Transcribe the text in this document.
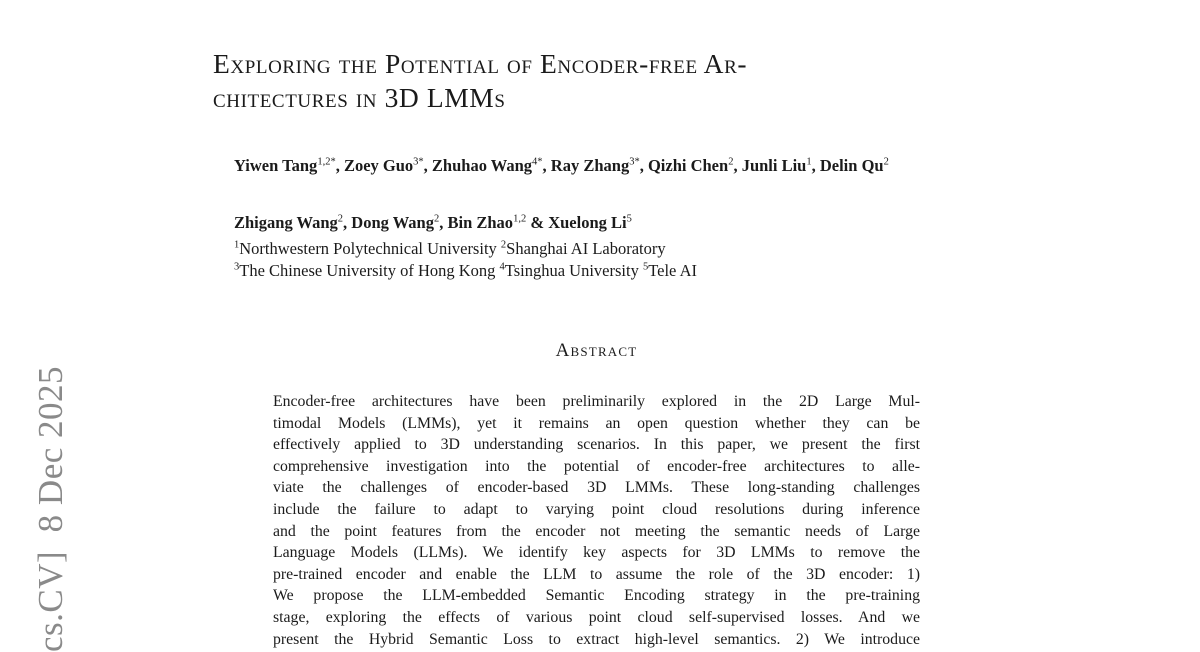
cs.CV]  8 Dec 2025
Exploring the Potential of Encoder-free Ar-
chitectures in 3D LMMs
Yiwen Tang$^{1,2*}$, Zoey Guo$^{3*}$, Zhuhao Wang$^{4*}$, Ray Zhang$^{3*}$, Qizhi Chen$^2$, Junli Liu$^1$, Delin Qu$^2$
Zhigang Wang$^2$, Dong Wang$^2$, Bin Zhao$^{1,2}$ & Xuelong Li$^5$
$^1$Northwestern Polytechnical University $^2$Shanghai AI Laboratory
$^3$The Chinese University of Hong Kong $^4$Tsinghua University $^5$Tele AI
Abstract
Encoder-free architectures have been preliminarily explored in the 2D Large Mul-
timodal Models (LMMs), yet it remains an open question whether they can be
effectively applied to 3D understanding scenarios. In this paper, we present the first
comprehensive investigation into the potential of encoder-free architectures to alle-
viate the challenges of encoder-based 3D LMMs. These long-standing challenges
include the failure to adapt to varying point cloud resolutions during inference
and the point features from the encoder not meeting the semantic needs of Large
Language Models (LLMs). We identify key aspects for 3D LMMs to remove the
pre-trained encoder and enable the LLM to assume the role of the 3D encoder: 1)
We propose the LLM-embedded Semantic Encoding strategy in the pre-training
stage, exploring the effects of various point cloud self-supervised losses. And we
present the Hybrid Semantic Loss to extract high-level semantics. 2) We introduce
